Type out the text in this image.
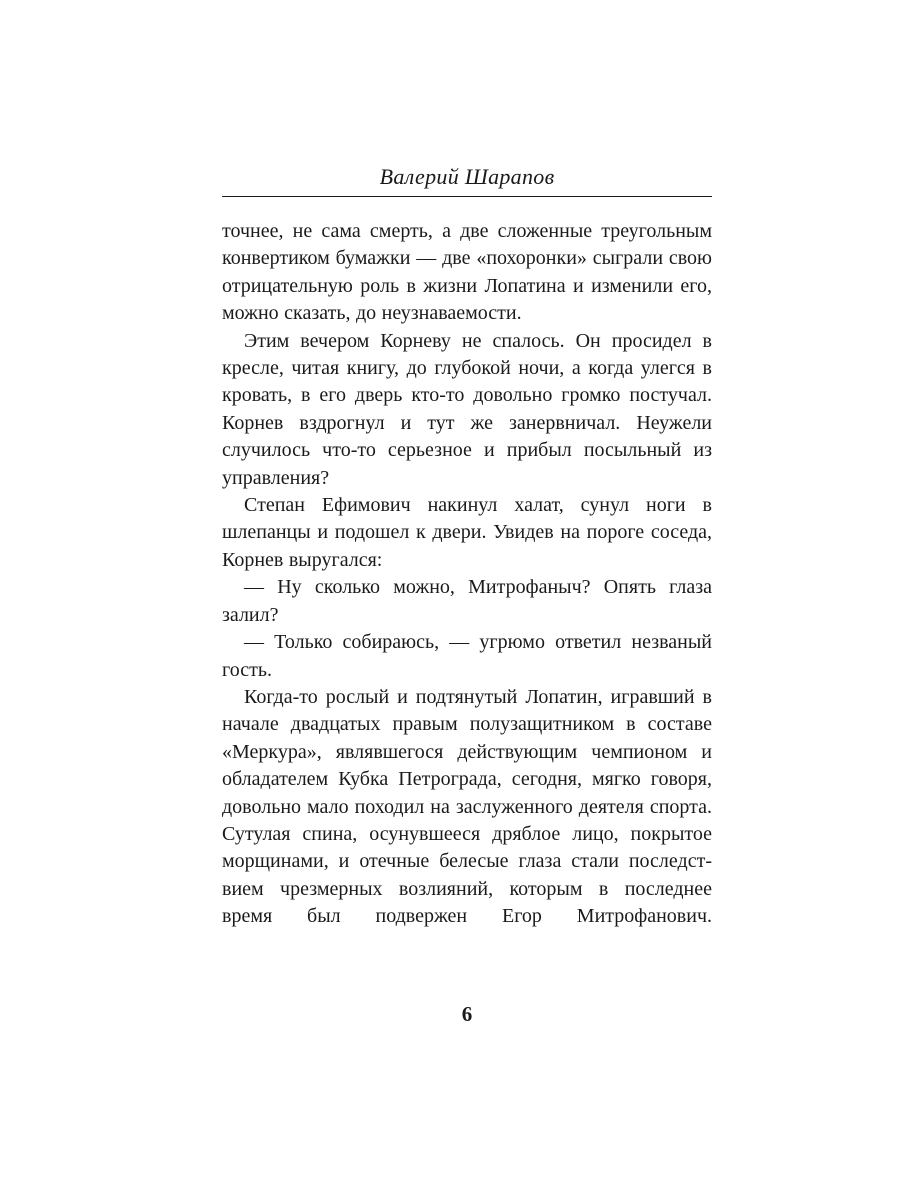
Валерий Шарапов

точнее, не сама смерть, а две сложенные треугольным конвертиком бумажки — две «похоронки» сыграли свою отрицательную роль в жизни Лопатина и изменили его, можно сказать, до неузнаваемости.

Этим вечером Корневу не спалось. Он просидел в кресле, читая книгу, до глубокой ночи, а когда улегся в кровать, в его дверь кто-то довольно громко постучал. Корнев вздрогнул и тут же занервничал. Неужели случилось что-то серьезное и прибыл посыльный из управления?

Степан Ефимович накинул халат, сунул ноги в шлепанцы и подошел к двери. Увидев на пороге соседа, Корнев выругался:

— Ну сколько можно, Митрофаныч? Опять глаза залил?

— Только собираюсь, — угрюмо ответил незваный гость.

Когда-то рослый и подтянутый Лопатин, игравший в начале двадцатых правым полузащитником в составе «Меркура», являвшегося действующим чемпионом и обладателем Кубка Петрограда, сегодня, мягко говоря, довольно мало походил на заслуженного деятеля спорта. Сутулая спина, осунувшееся дряблое лицо, покрытое морщинами, и отечные белесые глаза стали последствием чрезмерных возлияний, которым в последнее время был подвержен Егор Митрофанович.

6
